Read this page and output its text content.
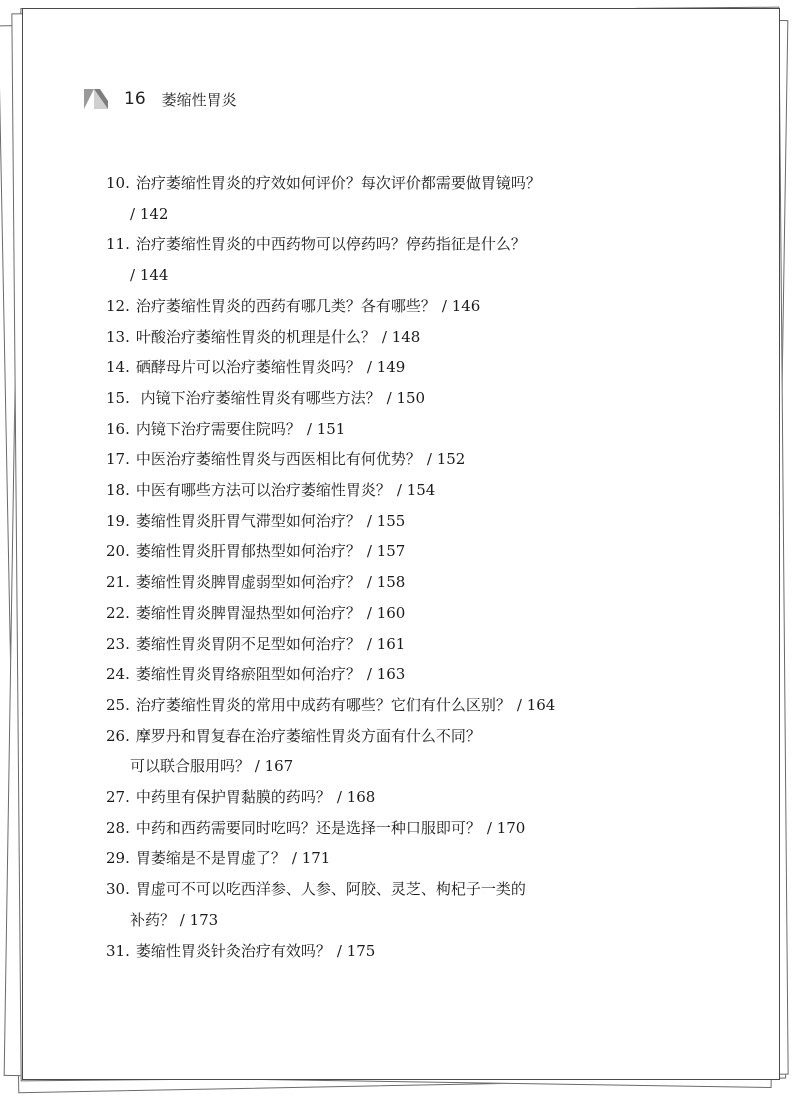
16 萎缩性胃炎
10. 治疗萎缩性胃炎的疗效如何评价？每次评价都需要做胃镜吗？
/ 142
11. 治疗萎缩性胃炎的中西药物可以停药吗？停药指征是什么？
/ 144
12. 治疗萎缩性胃炎的西药有哪几类？各有哪些？ / 146
13. 叶酸治疗萎缩性胃炎的机理是什么？ / 148
14. 硒酵母片可以治疗萎缩性胃炎吗？ / 149
15. 内镜下治疗萎缩性胃炎有哪些方法？ / 150
16. 内镜下治疗需要住院吗？ / 151
17. 中医治疗萎缩性胃炎与西医相比有何优势？ / 152
18. 中医有哪些方法可以治疗萎缩性胃炎？ / 154
19. 萎缩性胃炎肝胃气滞型如何治疗？ / 155
20. 萎缩性胃炎肝胃郁热型如何治疗？ / 157
21. 萎缩性胃炎脾胃虚弱型如何治疗？ / 158
22. 萎缩性胃炎脾胃湿热型如何治疗？ / 160
23. 萎缩性胃炎胃阴不足型如何治疗？ / 161
24. 萎缩性胃炎胃络瘀阻型如何治疗？ / 163
25. 治疗萎缩性胃炎的常用中成药有哪些？它们有什么区别？ / 164
26. 摩罗丹和胃复春在治疗萎缩性胃炎方面有什么不同？
可以联合服用吗？ / 167
27. 中药里有保护胃黏膜的药吗？ / 168
28. 中药和西药需要同时吃吗？还是选择一种口服即可？ / 170
29. 胃萎缩是不是胃虚了？ / 171
30. 胃虚可不可以吃西洋参、人参、阿胶、灵芝、枸杞子一类的
补药？ / 173
31. 萎缩性胃炎针灸治疗有效吗？ / 175
